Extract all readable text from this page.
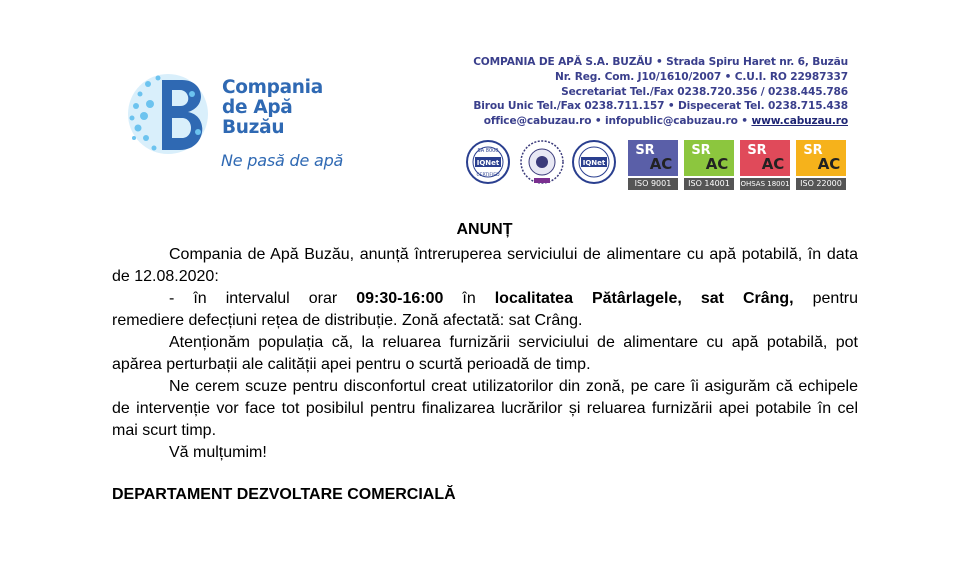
Compania
de Apă
Buzău
Ne pasă de apă
COMPANIA DE APĂ S.A. BUZĂU • Strada Spiru Haret nr. 6, Buzău
Nr. Reg. Com. J10/1610/2007 • C.U.I. RO 22987337
Secretariat Tel./Fax 0238.720.356 / 0238.445.786
Birou Unic Tel./Fax 0238.711.157 • Dispecerat Tel. 0238.715.438
office@cabuzau.ro • infopublic@cabuzau.ro • www.cabuzau.ro
IQNet
SA 8000
CERTIFIED
IQNet
SR
AC
ISO 9001
SR
AC
ISO 14001
SR
AC
OHSAS 18001
SR
AC
ISO 22000
ANUNȚ

Compania de Apă Buzău, anunță întreruperea serviciului de alimentare cu apă potabilă, în data de 12.08.2020:

- în intervalul orar 09:30-16:00 în localitatea Pătârlagele, sat Crâng, pentru

remediere defecțiuni rețea de distribuție. Zonă afectată: sat Crâng.

Atenționăm populația că, la reluarea furnizării serviciului de alimentare cu apă potabilă, pot apărea perturbații ale calității apei pentru o scurtă perioadă de timp.

Ne cerem scuze pentru disconfortul creat utilizatorilor din zonă, pe care îi asigurăm că echipele de intervenție vor face tot posibilul pentru finalizarea lucrărilor și reluarea furnizării apei potabile în cel mai scurt timp.

Vă mulțumim!

DEPARTAMENT DEZVOLTARE COMERCIALĂ
